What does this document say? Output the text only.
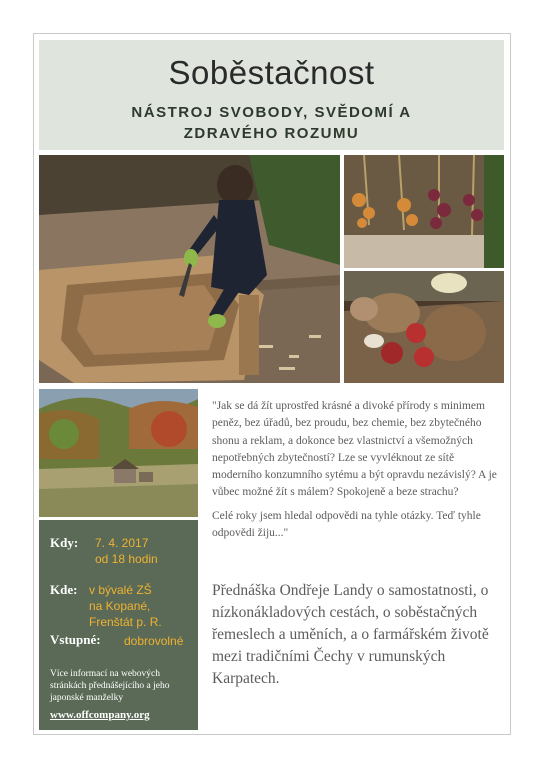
Soběstačnost
NÁSTROJ SVOBODY, SVĚDOMÍ A ZDRAVÉHO ROZUMU
Kdy: 7. 4. 2017
od 18 hodin
Kde: v bývalé ZŠ
na Kopané,
Frenštát p. R.
Vstupné: dobrovolné
Více informací na webových stránkách přednášejícího a jeho japonské manželky
www.offcompany.org

"Jak se dá žít uprostřed krásné a divoké přírody s minimem peněz, bez úřadů, bez proudu, bez chemie, bez zbytečného shonu a reklam, a dokonce bez vlastnictví a všemožných nepotřebných zbytečností? Lze se vyvléknout ze sítě moderního konzumního sytému a být opravdu nezávislý? A je vůbec možné žít s málem? Spokojeně a beze strachu?

Celé roky jsem hledal odpovědi na tyhle otázky. Teď tyhle odpovědi žiju..."

Přednáška Ondřeje Landy o samostatnosti, o nízkonákladových cestách, o soběstačných řemeslech a uměních, a o farmářském životě mezi tradičními Čechy v rumunských Karpatech.
